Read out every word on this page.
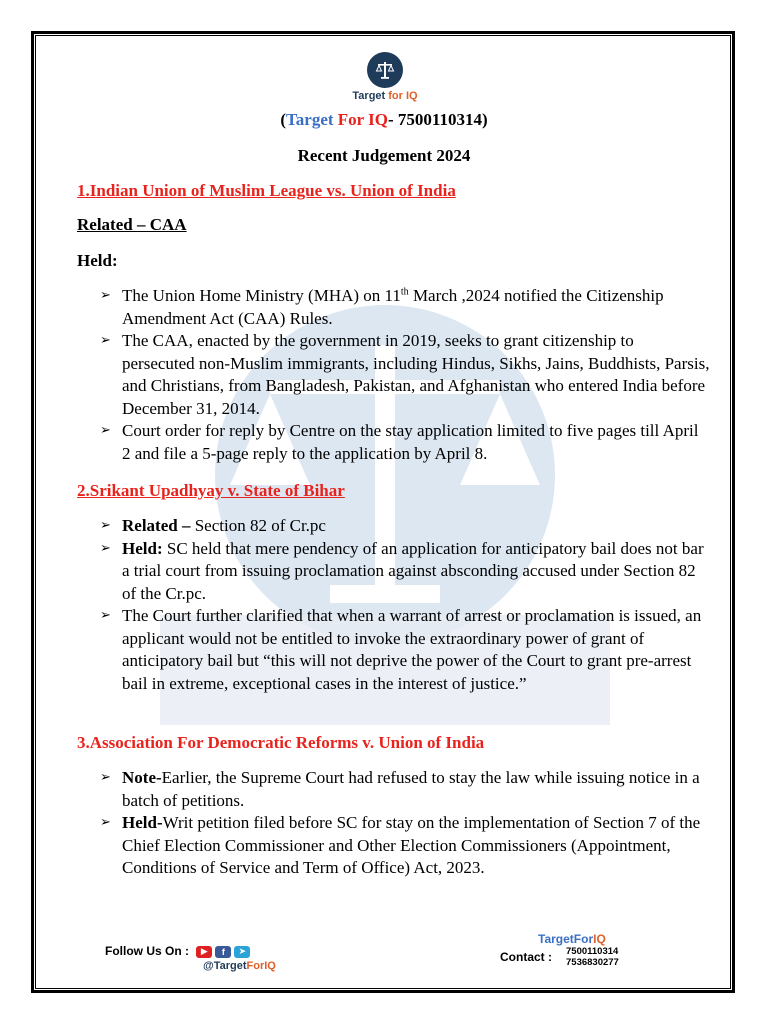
Target for IQ
(Target For IQ- 7500110314)
Recent Judgement 2024
1.Indian Union of Muslim League vs. Union of India
Related – CAA
Held:
➢ The Union Home Ministry (MHA) on 11th March ,2024 notified the Citizenship Amendment Act (CAA) Rules.
➢ The CAA, enacted by the government in 2019, seeks to grant citizenship to persecuted non-Muslim immigrants, including Hindus, Sikhs, Jains, Buddhists, Parsis, and Christians, from Bangladesh, Pakistan, and Afghanistan who entered India before December 31, 2014.
➢ Court order for reply by Centre on the stay application limited to five pages till April 2 and file a 5-page reply to the application by April 8.
2.Srikant Upadhyay v. State of Bihar
➢ Related – Section 82 of Cr.pc
➢ Held: SC held that mere pendency of an application for anticipatory bail does not bar a trial court from issuing proclamation against absconding accused under Section 82 of the Cr.pc.
➢ The Court further clarified that when a warrant of arrest or proclamation is issued, an applicant would not be entitled to invoke the extraordinary power of grant of anticipatory bail but “this will not deprive the power of the Court to grant pre-arrest bail in extreme, exceptional cases in the interest of justice.”
3.Association For Democratic Reforms v. Union of India
➢ Note-Earlier, the Supreme Court had refused to stay the law while issuing notice in a batch of petitions.
➢ Held-Writ petition filed before SC for stay on the implementation of Section 7 of the Chief Election Commissioner and Other Election Commissioners (Appointment, Conditions of Service and Term of Office) Act, 2023.
Follow Us On :	▶	f	➤
@TargetForIQ
TargetForIQ
Contact : 7500110314
7536830277
